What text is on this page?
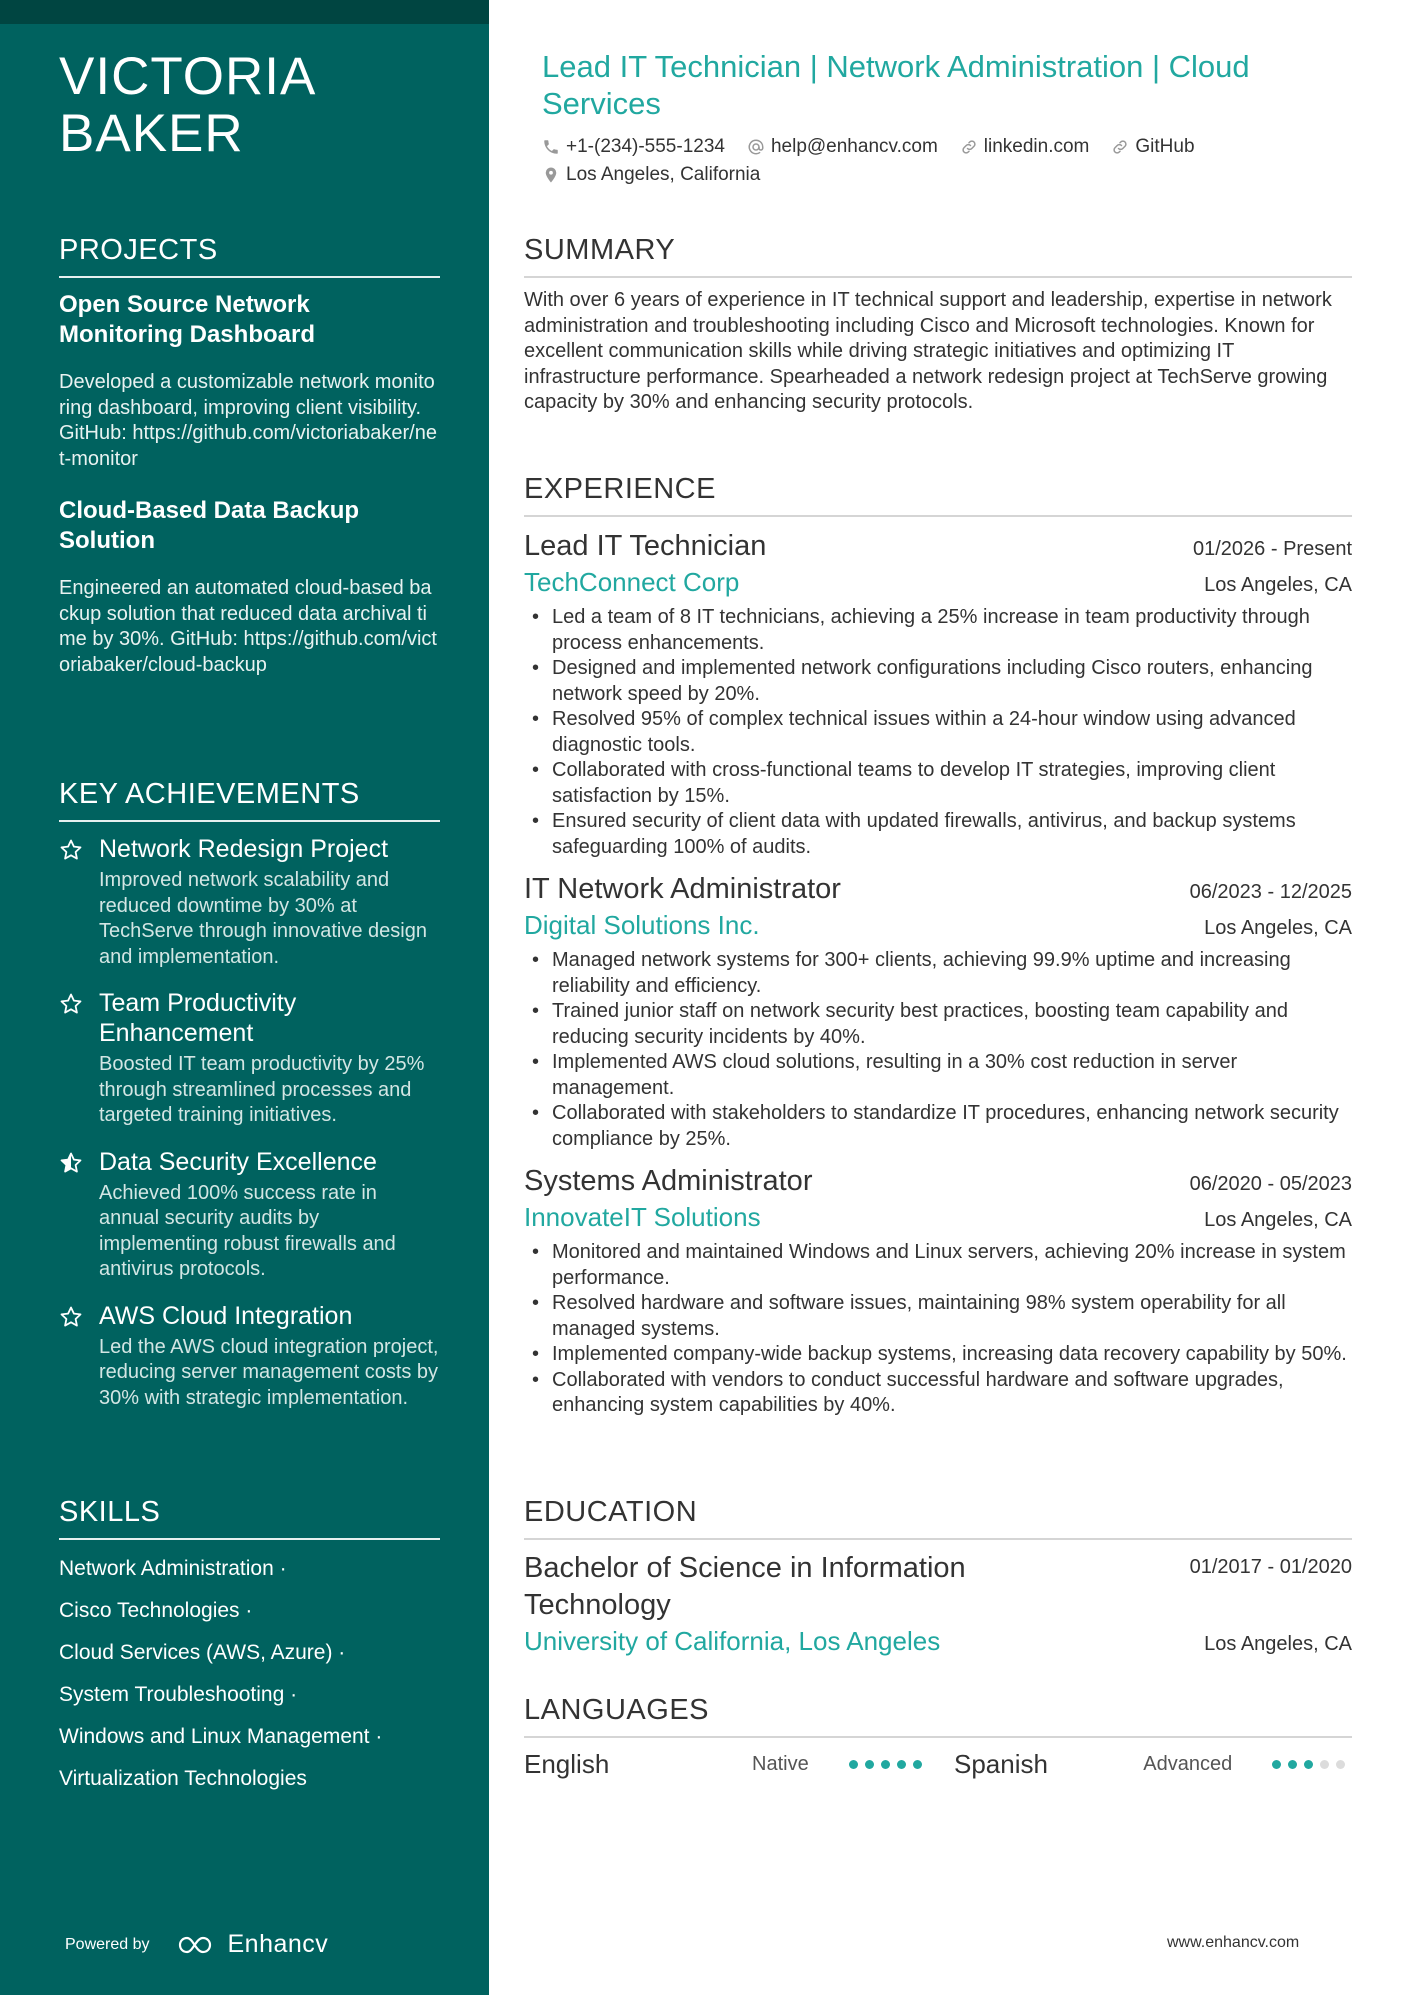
VICTORIA
BAKER
PROJECTS
Open Source Network Monitoring Dashboard
Developed a customizable network monitoring dashboard, improving client visibility. GitHub: https://github.com/victoriabaker/net-monitor
Cloud-Based Data Backup Solution
Engineered an automated cloud-based backup solution that reduced data archival time by 30%. GitHub: https://github.com/victoriabaker/cloud-backup
KEY ACHIEVEMENTS
Network Redesign Project
Improved network scalability and reduced downtime by 30% at TechServe through innovative design and implementation.
Team Productivity Enhancement
Boosted IT team productivity by 25% through streamlined processes and targeted training initiatives.
Data Security Excellence
Achieved 100% success rate in annual security audits by implementing robust firewalls and antivirus protocols.
AWS Cloud Integration
Led the AWS cloud integration project, reducing server management costs by 30% with strategic implementation.
SKILLS
Network Administration ·
Cisco Technologies ·
Cloud Services (AWS, Azure) ·
System Troubleshooting ·
Windows and Linux Management ·
Virtualization Technologies
Powered by	Enhancv
Lead IT Technician | Network Administration | Cloud Services
+1-(234)-555-1234 help@enhancv.com linkedin.com GitHub
Los Angeles, California
SUMMARY
With over 6 years of experience in IT technical support and leadership, expertise in network administration and troubleshooting including Cisco and Microsoft technologies. Known for excellent communication skills while driving strategic initiatives and optimizing IT infrastructure performance. Spearheaded a network redesign project at TechServe growing capacity by 30% and enhancing security protocols.
EXPERIENCE
Lead IT Technician	01/2026 - Present
TechConnect Corp	Los Angeles, CA
• Led a team of 8 IT technicians, achieving a 25% increase in team productivity through process enhancements.
• Designed and implemented network configurations including Cisco routers, enhancing network speed by 20%.
• Resolved 95% of complex technical issues within a 24-hour window using advanced diagnostic tools.
• Collaborated with cross-functional teams to develop IT strategies, improving client satisfaction by 15%.
• Ensured security of client data with updated firewalls, antivirus, and backup systems safeguarding 100% of audits.
IT Network Administrator	06/2023 - 12/2025
Digital Solutions Inc.	Los Angeles, CA
• Managed network systems for 300+ clients, achieving 99.9% uptime and increasing reliability and efficiency.
• Trained junior staff on network security best practices, boosting team capability and reducing security incidents by 40%.
• Implemented AWS cloud solutions, resulting in a 30% cost reduction in server management.
• Collaborated with stakeholders to standardize IT procedures, enhancing network security compliance by 25%.
Systems Administrator	06/2020 - 05/2023
InnovateIT Solutions	Los Angeles, CA
• Monitored and maintained Windows and Linux servers, achieving 20% increase in system performance.
• Resolved hardware and software issues, maintaining 98% system operability for all managed systems.
• Implemented company-wide backup systems, increasing data recovery capability by 50%.
• Collaborated with vendors to conduct successful hardware and software upgrades, enhancing system capabilities by 40%.
EDUCATION
Bachelor of Science in Information Technology
01/2017 - 01/2020
University of California, Los Angeles	Los Angeles, CA
LANGUAGES
English	Native	Spanish	Advanced
www.enhancv.com
